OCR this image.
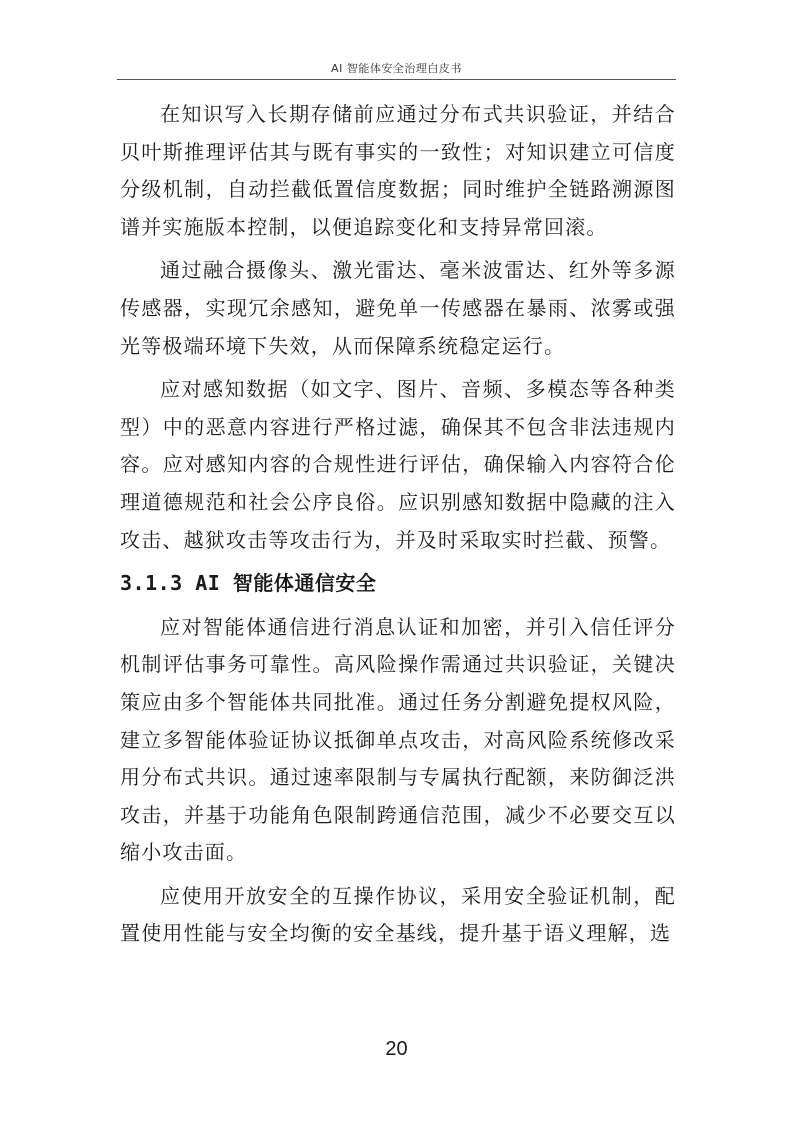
AI 智能体安全治理白皮书

在知识写入长期存储前应通过分布式共识验证，并结合贝叶斯推理评估其与既有事实的一致性；对知识建立可信度分级机制，自动拦截低置信度数据；同时维护全链路溯源图谱并实施版本控制，以便追踪变化和支持异常回滚。

通过融合摄像头、激光雷达、毫米波雷达、红外等多源传感器，实现冗余感知，避免单一传感器在暴雨、浓雾或强光等极端环境下失效，从而保障系统稳定运行。

应对感知数据（如文字、图片、音频、多模态等各种类型）中的恶意内容进行严格过滤，确保其不包含非法违规内容。应对感知内容的合规性进行评估，确保输入内容符合伦理道德规范和社会公序良俗。应识别感知数据中隐藏的注入攻击、越狱攻击等攻击行为，并及时采取实时拦截、预警。

3.1.3 AI 智能体通信安全

应对智能体通信进行消息认证和加密，并引入信任评分机制评估事务可靠性。高风险操作需通过共识验证，关键决策应由多个智能体共同批准。通过任务分割避免提权风险，建立多智能体验证协议抵御单点攻击，对高风险系统修改采用分布式共识。通过速率限制与专属执行配额，来防御泛洪攻击，并基于功能角色限制跨通信范围，减少不必要交互以缩小攻击面。

应使用开放安全的互操作协议，采用安全验证机制，配置使用性能与安全均衡的安全基线，提升基于语义理解，选

20
